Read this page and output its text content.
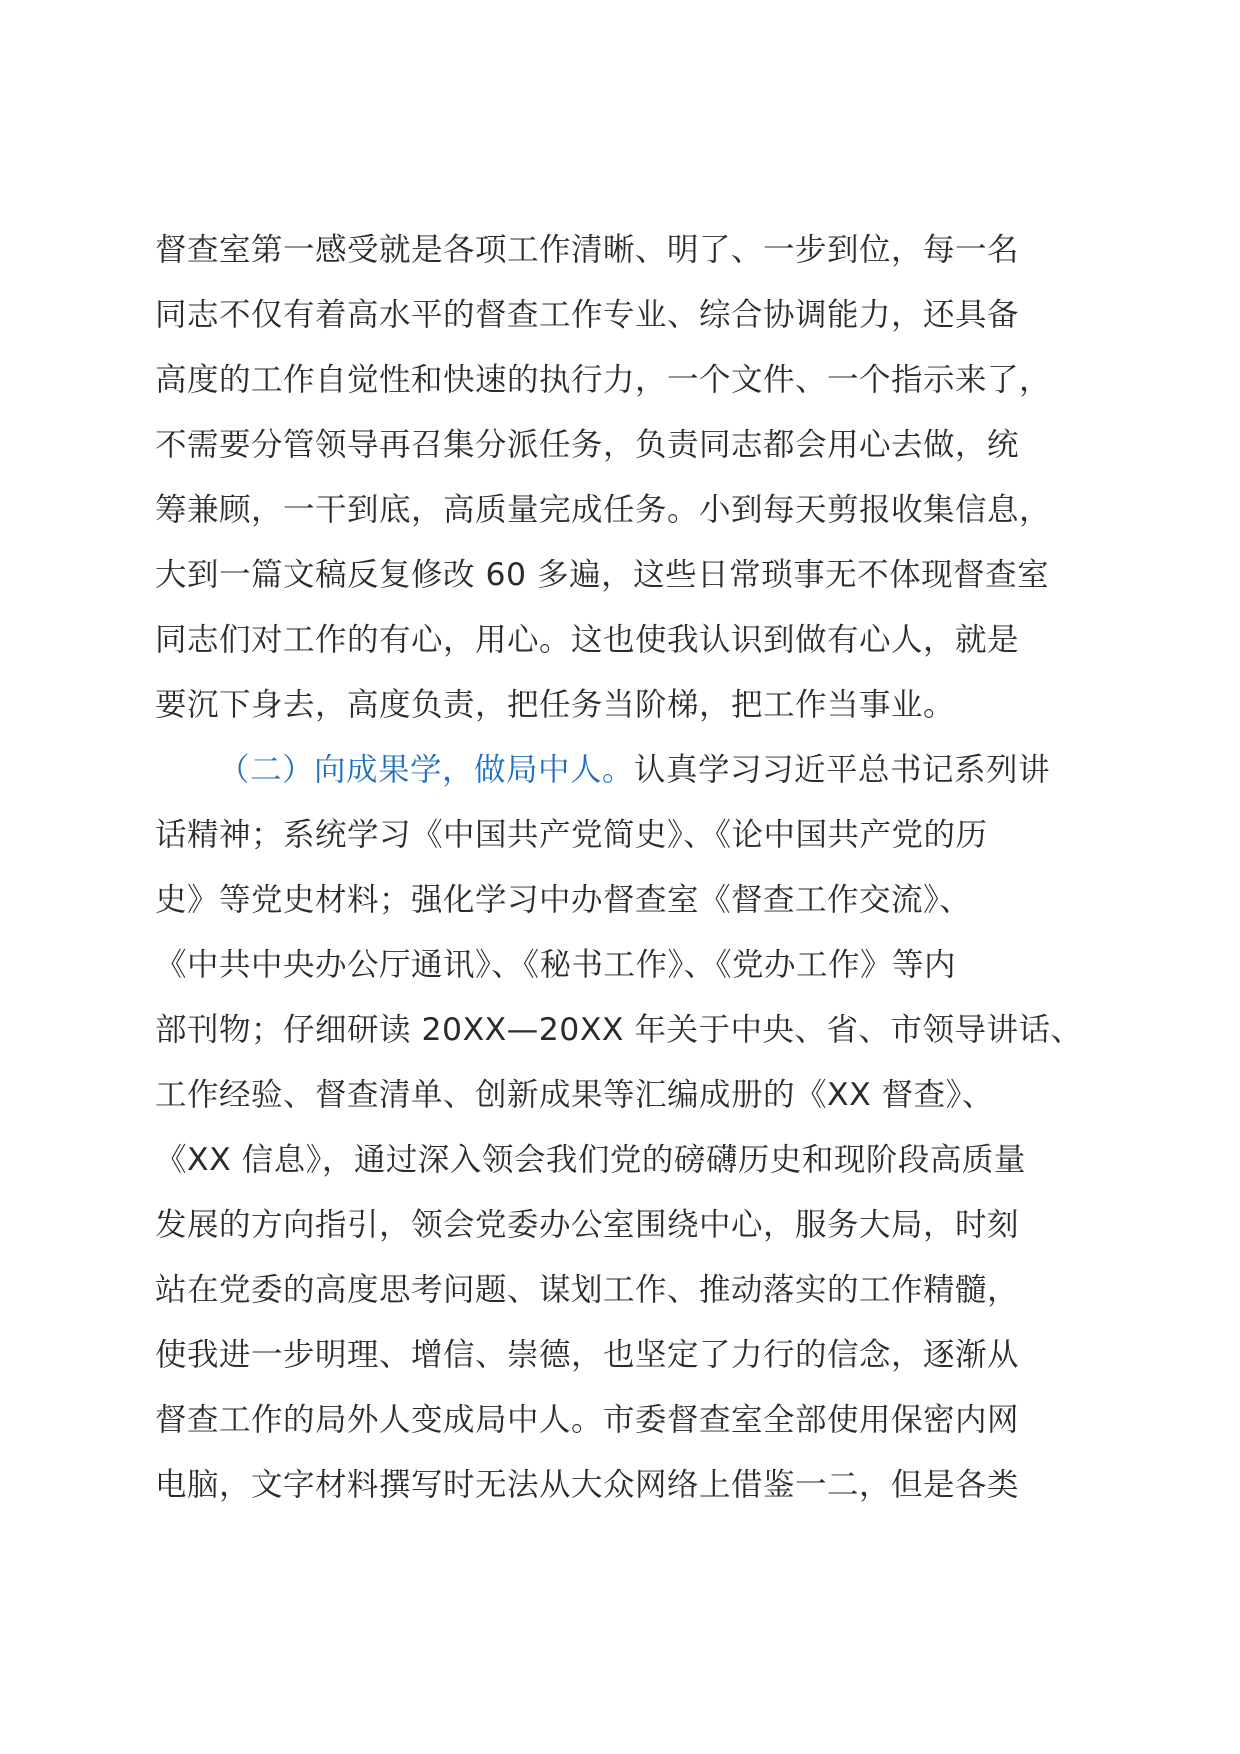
督查室第一感受就是各项工作清晰、明了、一步到位，每一名
同志不仅有着高水平的督查工作专业、综合协调能力，还具备
高度的工作自觉性和快速的执行力，一个文件、一个指示来了，
不需要分管领导再召集分派任务，负责同志都会用心去做，统
筹兼顾，一干到底，高质量完成任务。小到每天剪报收集信息，
大到一篇文稿反复修改 60 多遍，这些日常琐事无不体现督查室
同志们对工作的有心，用心。这也使我认识到做有心人，就是
要沉下身去，高度负责，把任务当阶梯，把工作当事业。
（二）向成果学，做局中人。认真学习习近平总书记系列讲
话精神；系统学习《中国共产党简史》、《论中国共产党的历
史》等党史材料；强化学习中办督查室《督查工作交流》、
《中共中央办公厅通讯》、《秘书工作》、《党办工作》等内
部刊物；仔细研读 20XX—20XX 年关于中央、省、市领导讲话、
工作经验、督查清单、创新成果等汇编成册的《XX 督查》、
《XX 信息》，通过深入领会我们党的磅礴历史和现阶段高质量
发展的方向指引，领会党委办公室围绕中心，服务大局，时刻
站在党委的高度思考问题、谋划工作、推动落实的工作精髓，
使我进一步明理、增信、崇德，也坚定了力行的信念，逐渐从
督查工作的局外人变成局中人。市委督查室全部使用保密内网
电脑，文字材料撰写时无法从大众网络上借鉴一二，但是各类
